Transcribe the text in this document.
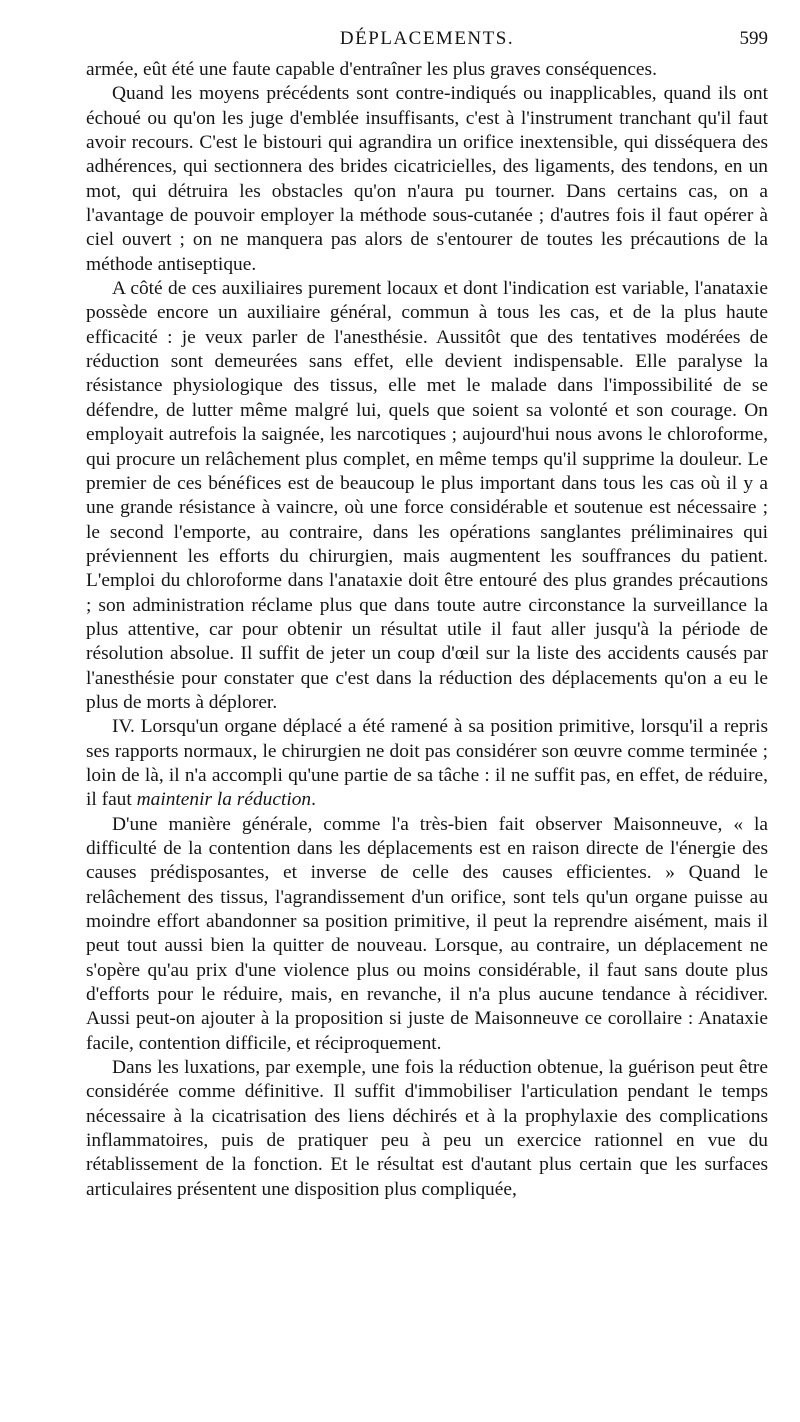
DÉPLACEMENTS.	599

armée, eût été une faute capable d'entraîner les plus graves conséquences.

Quand les moyens précédents sont contre-indiqués ou inapplicables, quand ils ont échoué ou qu'on les juge d'emblée insuffisants, c'est à l'instrument tranchant qu'il faut avoir recours. C'est le bistouri qui agrandira un orifice inextensible, qui disséquera des adhérences, qui sectionnera des brides cicatricielles, des ligaments, des tendons, en un mot, qui détruira les obstacles qu'on n'aura pu tourner. Dans certains cas, on a l'avantage de pouvoir employer la méthode sous-cutanée ; d'autres fois il faut opérer à ciel ouvert ; on ne manquera pas alors de s'entourer de toutes les précautions de la méthode antiseptique.

A côté de ces auxiliaires purement locaux et dont l'indication est variable, l'anataxie possède encore un auxiliaire général, commun à tous les cas, et de la plus haute efficacité : je veux parler de l'anesthésie. Aussitôt que des tentatives modérées de réduction sont demeurées sans effet, elle devient indispensable. Elle paralyse la résistance physiologique des tissus, elle met le malade dans l'impossibilité de se défendre, de lutter même malgré lui, quels que soient sa volonté et son courage. On employait autrefois la saignée, les narcotiques ; aujourd'hui nous avons le chloroforme, qui procure un relâchement plus complet, en même temps qu'il supprime la douleur. Le premier de ces bénéfices est de beaucoup le plus important dans tous les cas où il y a une grande résistance à vaincre, où une force considérable et soutenue est nécessaire ; le second l'emporte, au contraire, dans les opérations sanglantes préliminaires qui préviennent les efforts du chirurgien, mais augmentent les souffrances du patient. L'emploi du chloroforme dans l'anataxie doit être entouré des plus grandes précautions ; son administration réclame plus que dans toute autre circonstance la surveillance la plus attentive, car pour obtenir un résultat utile il faut aller jusqu'à la période de résolution absolue. Il suffit de jeter un coup d'œil sur la liste des accidents causés par l'anesthésie pour constater que c'est dans la réduction des déplacements qu'on a eu le plus de morts à déplorer.

IV. Lorsqu'un organe déplacé a été ramené à sa position primitive, lorsqu'il a repris ses rapports normaux, le chirurgien ne doit pas considérer son œuvre comme terminée ; loin de là, il n'a accompli qu'une partie de sa tâche : il ne suffit pas, en effet, de réduire, il faut maintenir la réduction.

D'une manière générale, comme l'a très-bien fait observer Maisonneuve, « la difficulté de la contention dans les déplacements est en raison directe de l'énergie des causes prédisposantes, et inverse de celle des causes efficientes. » Quand le relâchement des tissus, l'agrandissement d'un orifice, sont tels qu'un organe puisse au moindre effort abandonner sa position primitive, il peut la reprendre aisément, mais il peut tout aussi bien la quitter de nouveau. Lorsque, au contraire, un déplacement ne s'opère qu'au prix d'une violence plus ou moins considérable, il faut sans doute plus d'efforts pour le réduire, mais, en revanche, il n'a plus aucune tendance à récidiver. Aussi peut-on ajouter à la proposition si juste de Maisonneuve ce corollaire : Anataxie facile, contention difficile, et réciproquement.

Dans les luxations, par exemple, une fois la réduction obtenue, la guérison peut être considérée comme définitive. Il suffit d'immobiliser l'articulation pendant le temps nécessaire à la cicatrisation des liens déchirés et à la prophylaxie des complications inflammatoires, puis de pratiquer peu à peu un exercice rationnel en vue du rétablissement de la fonction. Et le résultat est d'autant plus certain que les surfaces articulaires présentent une disposition plus compliquée,
